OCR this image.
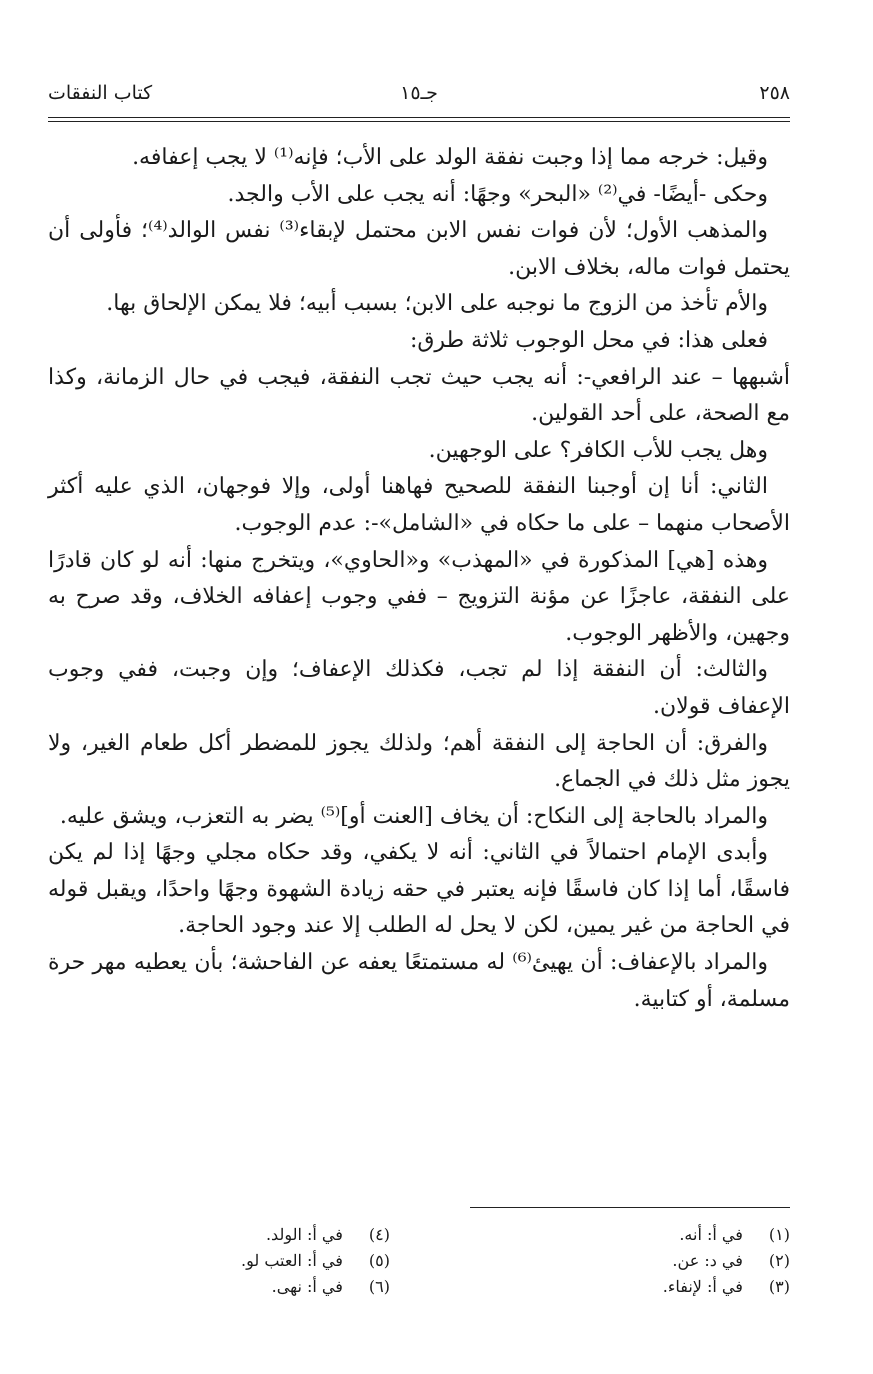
٢٥٨
جـ١٥
كتاب النفقات

وقيل: خرجه مما إذا وجبت نفقة الولد على الأب؛ فإنه⁽¹⁾ لا يجب إعفافه.

وحكى -أيضًا- في⁽²⁾ «البحر» وجهًا: أنه يجب على الأب والجد.

والمذهب الأول؛ لأن فوات نفس الابن محتمل لإبقاء⁽³⁾ نفس الوالد⁽⁴⁾؛ فأولى أن يحتمل فوات ماله، بخلاف الابن.

والأم تأخذ من الزوج ما نوجبه على الابن؛ بسبب أبيه؛ فلا يمكن الإلحاق بها.

فعلى هذا: في محل الوجوب ثلاثة طرق:

أشبهها – عند الرافعي-: أنه يجب حيث تجب النفقة، فيجب في حال الزمانة، وكذا مع الصحة، على أحد القولين.

وهل يجب للأب الكافر؟ على الوجهين.

الثاني: أنا إن أوجبنا النفقة للصحيح فهاهنا أولى، وإلا فوجهان، الذي عليه أكثر الأصحاب منهما – على ما حكاه في «الشامل»-: عدم الوجوب.

وهذه [هي] المذكورة في «المهذب» و«الحاوي»، ويتخرج منها: أنه لو كان قادرًا على النفقة، عاجزًا عن مؤنة التزويج – ففي وجوب إعفافه الخلاف، وقد صرح به وجهين، والأظهر الوجوب.

والثالث: أن النفقة إذا لم تجب، فكذلك الإعفاف؛ وإن وجبت، ففي وجوب الإعفاف قولان.

والفرق: أن الحاجة إلى النفقة أهم؛ ولذلك يجوز للمضطر أكل طعام الغير، ولا يجوز مثل ذلك في الجماع.

والمراد بالحاجة إلى النكاح: أن يخاف [العنت أو]⁽⁵⁾ يضر به التعزب، ويشق عليه.

وأبدى الإمام احتمالاً في الثاني: أنه لا يكفي، وقد حكاه مجلي وجهًا إذا لم يكن فاسقًا، أما إذا كان فاسقًا فإنه يعتبر في حقه زيادة الشهوة وجهًا واحدًا، ويقبل قوله في الحاجة من غير يمين، لكن لا يحل له الطلب إلا عند وجود الحاجة.

والمراد بالإعفاف: أن يهيئ⁽⁶⁾ له مستمتعًا يعفه عن الفاحشة؛ بأن يعطيه مهر حرة مسلمة، أو كتابية.

(١) في أ: أنه.
(٢) في د: عن.
(٣) في أ: لإنفاء.
(٤) في أ: الولد.
(٥) في أ: العتب لو.
(٦) في أ: نهى.
